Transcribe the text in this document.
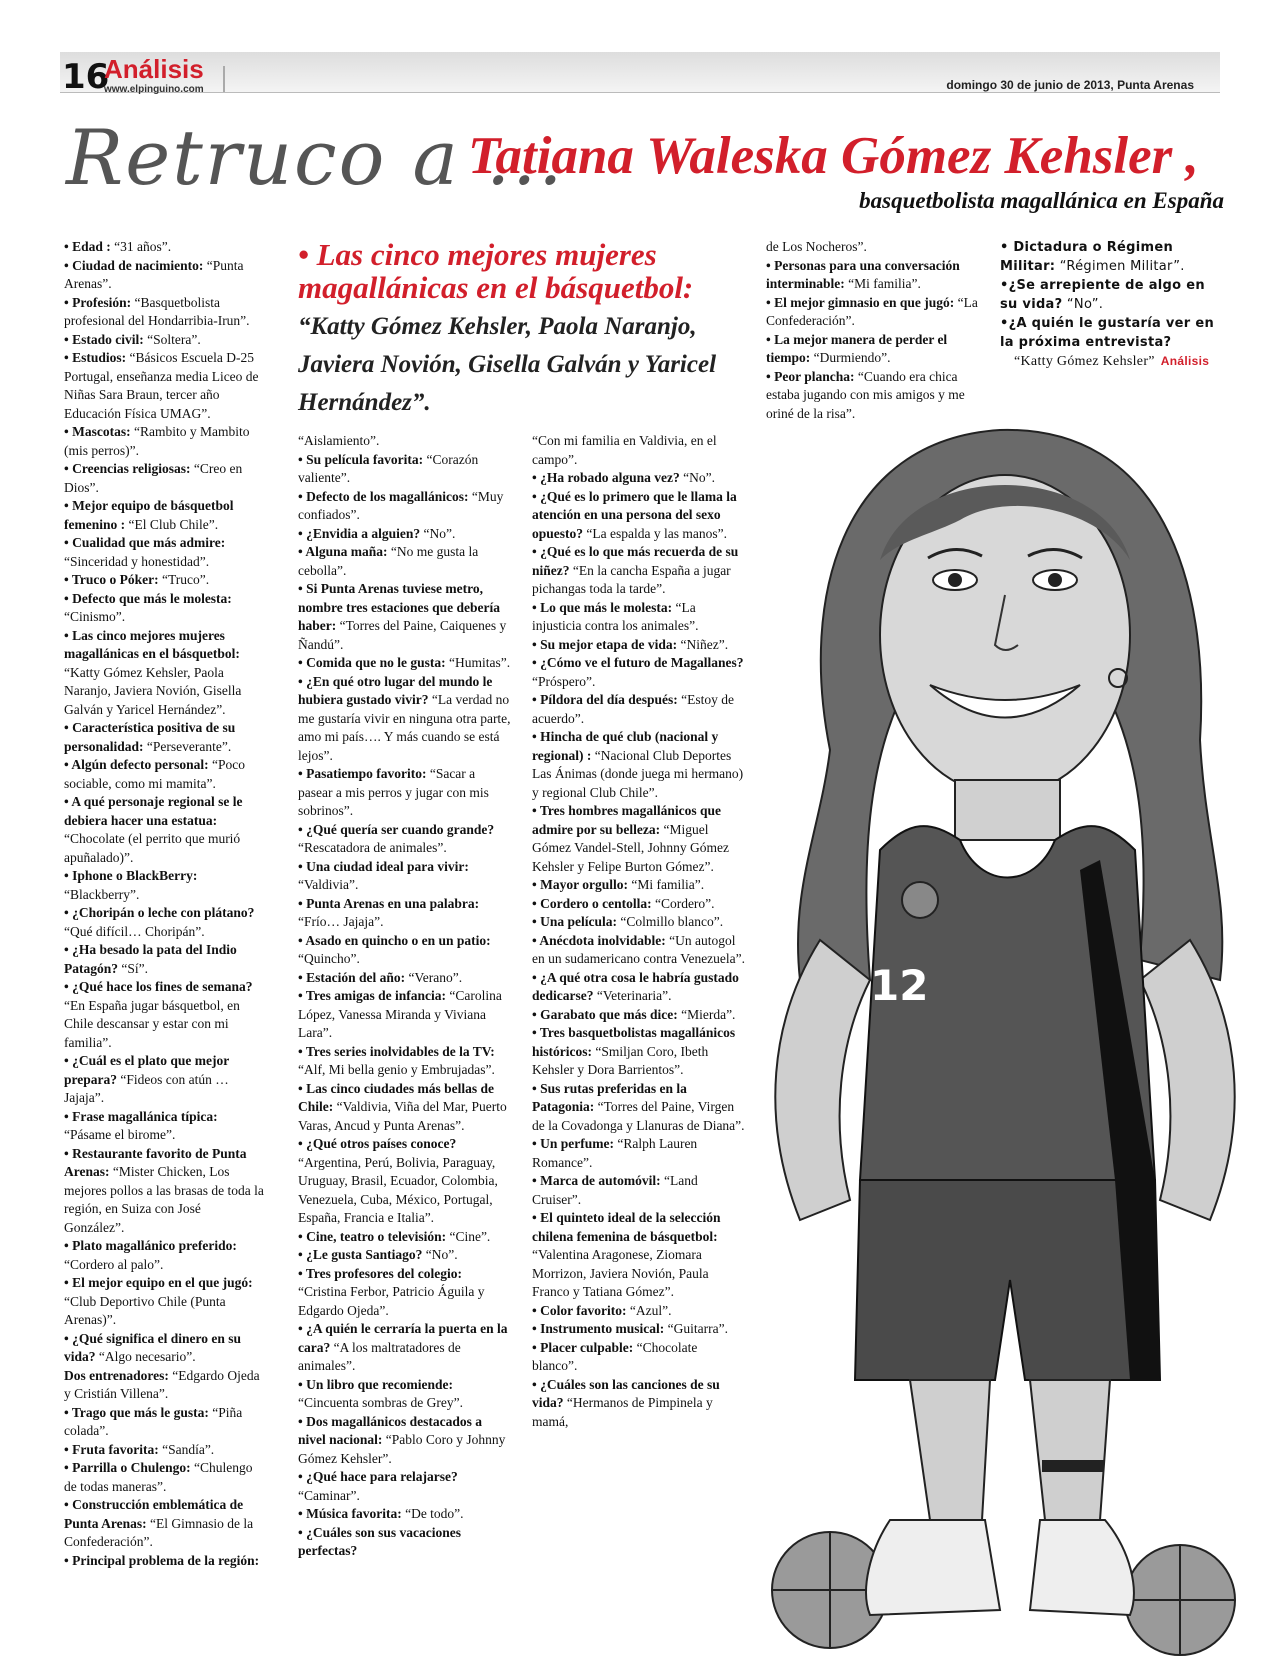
16
Análisis
www.elpinguino.com	domingo 30 de junio de 2013, Punta Arenas
Retruco a ...
Tatiana Waleska Gómez Kehsler ,
basquetbolista magallánica en España

• Edad : “31 años”.

• Ciudad de nacimiento: “Punta Arenas”.

• Profesión: “Basquetbolista profesional del Hondarribia-Irun”.

• Estado civil: “Soltera”.

• Estudios: “Básicos Escuela D-25 Portugal, enseñanza media Liceo de Niñas Sara Braun, tercer año Educación Física UMAG”.

• Mascotas: “Rambito y Mambito (mis perros)”.

• Creencias religiosas: “Creo en Dios”.

• Mejor equipo de básquetbol femenino : “El Club Chile”.

• Cualidad que más admire: “Sinceridad y honestidad”.

• Truco o Póker: “Truco”.

• Defecto que más le molesta: “Cinismo”.

• Las cinco mejores mujeres magallánicas en el básquetbol: “Katty Gómez Kehsler, Paola Naranjo, Javiera Novión, Gisella Galván y Yaricel Hernández”.

• Característica positiva de su personalidad: “Perseverante”.

• Algún defecto personal: “Poco sociable, como mi mamita”.

• A qué personaje regional se le debiera hacer una estatua: “Chocolate (el perrito que murió apuñalado)”.

• Iphone o BlackBerry: “Blackberry”.

• ¿Choripán o leche con plátano? “Qué difícil… Choripán”.

• ¿Ha besado la pata del Indio Patagón? “Sí”.

• ¿Qué hace los fines de semana? “En España jugar básquetbol, en Chile descansar y estar con mi familia”.

• ¿Cuál es el plato que mejor prepara? “Fideos con atún … Jajaja”.

• Frase magallánica típica: “Pásame el birome”.

• Restaurante favorito de Punta Arenas: “Mister Chicken, Los mejores pollos a las brasas de toda la región, en Suiza con José González”.

• Plato magallánico preferido: “Cordero al palo”.

• El mejor equipo en el que jugó: “Club Deportivo Chile (Punta Arenas)”.

• ¿Qué significa el dinero en su vida? “Algo necesario”.

Dos entrenadores: “Edgardo Ojeda y Cristián Villena”.

• Trago que más le gusta: “Piña colada”.

• Fruta favorita: “Sandía”.

• Parrilla o Chulengo: “Chulengo de todas maneras”.

• Construcción emblemática de Punta Arenas: “El Gimnasio de la Confederación”.

• Principal problema de la región:

• Las cinco mejores mujeres magallánicas en el básquetbol:

“Katty Gómez Kehsler, Paola Naranjo, Javiera Novión, Gisella Galván y Yaricel Hernández”.

“Aislamiento”.

• Su película favorita: “Corazón valiente”.

• Defecto de los magallánicos: “Muy confiados”.

• ¿Envidia a alguien? “No”.

• Alguna maña: “No me gusta la cebolla”.

• Si Punta Arenas tuviese metro, nombre tres estaciones que debería haber: “Torres del Paine, Caiquenes y Ñandú”.

• Comida que no le gusta: “Humitas”.

• ¿En qué otro lugar del mundo le hubiera gustado vivir? “La verdad no me gustaría vivir en ninguna otra parte, amo mi país…. Y más cuando se está lejos”.

• Pasatiempo favorito: “Sacar a pasear a mis perros y jugar con mis sobrinos”.

• ¿Qué quería ser cuando grande? “Rescatadora de animales”.

• Una ciudad ideal para vivir: “Valdivia”.

• Punta Arenas en una palabra: “Frío… Jajaja”.

• Asado en quincho o en un patio: “Quincho”.

• Estación del año: “Verano”.

• Tres amigas de infancia: “Carolina López, Vanessa Miranda y Viviana Lara”.

• Tres series inolvidables de la TV: “Alf, Mi bella genio y Embrujadas”.

• Las cinco ciudades más bellas de Chile: “Valdivia, Viña del Mar, Puerto Varas, Ancud y Punta Arenas”.

• ¿Qué otros países conoce? “Argentina, Perú, Bolivia, Paraguay, Uruguay, Brasil, Ecuador, Colombia, Venezuela, Cuba, México, Portugal, España, Francia e Italia”.

• Cine, teatro o televisión: “Cine”.

• ¿Le gusta Santiago? “No”.

• Tres profesores del colegio: “Cristina Ferbor, Patricio Águila y Edgardo Ojeda”.

• ¿A quién le cerraría la puerta en la cara? “A los maltratadores de animales”.

• Un libro que recomiende: “Cincuenta sombras de Grey”.

• Dos magallánicos destacados a nivel nacional: “Pablo Coro y Johnny Gómez Kehsler”.

• ¿Qué hace para relajarse? “Caminar”.

• Música favorita: “De todo”.

• ¿Cuáles son sus vacaciones perfectas?

“Con mi familia en Valdivia, en el campo”.

• ¿Ha robado alguna vez? “No”.

• ¿Qué es lo primero que le llama la atención en una persona del sexo opuesto? “La espalda y las manos”.

• ¿Qué es lo que más recuerda de su niñez? “En la cancha España a jugar pichangas toda la tarde”.

• Lo que más le molesta: “La injusticia contra los animales”.

• Su mejor etapa de vida: “Niñez”.

• ¿Cómo ve el futuro de Magallanes? “Próspero”.

• Píldora del día después: “Estoy de acuerdo”.

• Hincha de qué club (nacional y regional) : “Nacional Club Deportes Las Ánimas (donde juega mi hermano) y regional Club Chile”.

• Tres hombres magallánicos que admire por su belleza: “Miguel Gómez Vandel-Stell, Johnny Gómez Kehsler y Felipe Burton Gómez”.

• Mayor orgullo: “Mi familia”.

• Cordero o centolla: “Cordero”.

• Una película: “Colmillo blanco”.

• Anécdota inolvidable: “Un autogol en un sudamericano contra Venezuela”.

• ¿A qué otra cosa le habría gustado dedicarse? “Veterinaria”.

• Garabato que más dice: “Mierda”.

• Tres basquetbolistas magallánicos históricos: “Smiljan Coro, Ibeth Kehsler y Dora Barrientos”.

• Sus rutas preferidas en la Patagonia: “Torres del Paine, Virgen de la Covadonga y Llanuras de Diana”.

• Un perfume: “Ralph Lauren Romance”.

• Marca de automóvil: “Land Cruiser”.

• El quinteto ideal de la selección chilena femenina de básquetbol: “Valentina Aragonese, Ziomara Morrizon, Javiera Novión, Paula Franco y Tatiana Gómez”.

• Color favorito: “Azul”.

• Instrumento musical: “Guitarra”.

• Placer culpable: “Chocolate blanco”.

• ¿Cuáles son las canciones de su vida? “Hermanos de Pimpinela y mamá,

de Los Nocheros”.

• Personas para una conversación interminable: “Mi familia”.

• El mejor gimnasio en que jugó: “La Confederación”.

• La mejor manera de perder el tiempo: “Durmiendo”.

• Peor plancha: “Cuando era chica estaba jugando con mis amigos y me oriné de la risa”.

• Dictadura o Régimen Militar: “Régimen Militar”.

•¿Se arrepiente de algo en su vida? “No”.

•¿A quién le gustaría ver en la próxima entrevista?

“Katty Gómez Kehsler” Análisis

12
